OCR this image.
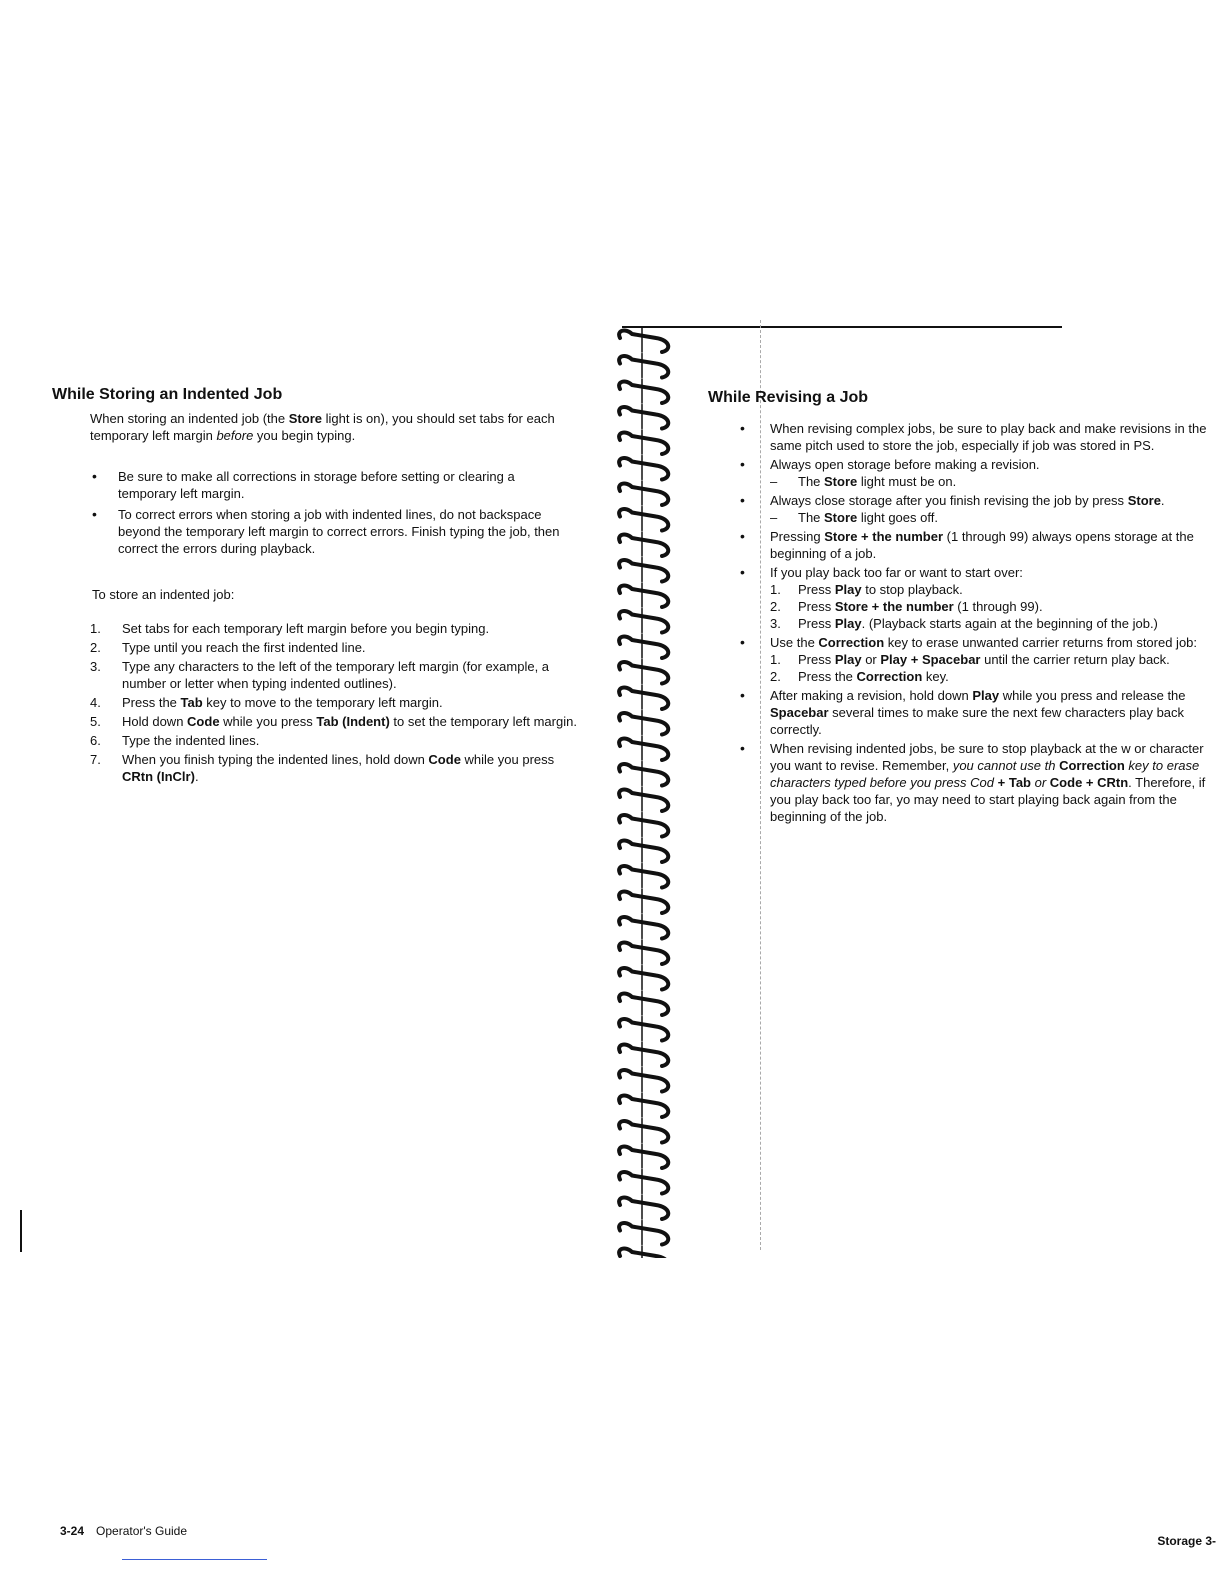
While Storing an Indented Job

When storing an indented job (the Store light is on), you should set tabs for each temporary left margin before you begin typing.

• Be sure to make all corrections in storage before setting or clearing a temporary left margin.
• To correct errors when storing a job with indented lines, do not backspace beyond the temporary left margin to correct errors. Finish typing the job, then correct the errors during playback.

To store an indented job:

1. Set tabs for each temporary left margin before you begin typing.
2. Type until you reach the first indented line.
3. Type any characters to the left of the temporary left margin (for example, a number or letter when typing indented outlines).
4. Press the Tab key to move to the temporary left margin.
5. Hold down Code while you press Tab (Indent) to set the temporary left margin.
6. Type the indented lines.
7. When you finish typing the indented lines, hold down Code while you press CRtn (InClr).
3-24 Operator's Guide
While Revising a Job
• When revising complex jobs, be sure to play back and make revisions in the same pitch used to store the job, especially if job was stored in PS.
• Always open storage before making a revision.
– The Store light must be on.
• Always close storage after you finish revising the job by press Store.
– The Store light goes off.
• Pressing Store + the number (1 through 99) always opens storage at the beginning of a job.
• If you play back too far or want to start over:
1. Press Play to stop playback.
2. Press Store + the number (1 through 99).
3. Press Play. (Playback starts again at the beginning of the job.)
• Use the Correction key to erase unwanted carrier returns from stored job:
1. Press Play or Play + Spacebar until the carrier return play back.
2. Press the Correction key.
• After making a revision, hold down Play while you press and release the Spacebar several times to make sure the next few characters play back correctly.
• When revising indented jobs, be sure to stop playback at the w or character you want to revise. Remember, you cannot use th Correction key to erase characters typed before you press Cod + Tab or Code + CRtn. Therefore, if you play back too far, yo may need to start playing back again from the beginning of the job.
Storage 3-
